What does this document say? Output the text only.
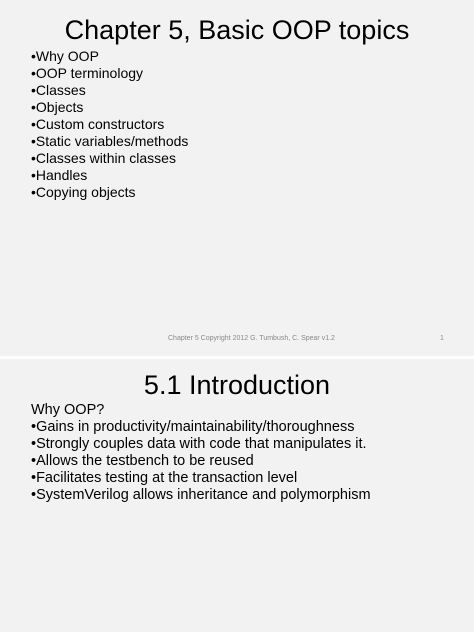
Chapter 5, Basic OOP topics
•Why OOP
•OOP terminology
•Classes
•Objects
•Custom constructors
•Static variables/methods
•Classes within classes
•Handles
•Copying objects
Chapter 5 Copyright 2012 G. Tumbush, C. Spear v1.2	1
5.1 Introduction
Why OOP?
•Gains in productivity/maintainability/thoroughness
•Strongly couples data with code that manipulates it.
•Allows the testbench to be reused
•Facilitates testing at the transaction level
•SystemVerilog allows inheritance and polymorphism
